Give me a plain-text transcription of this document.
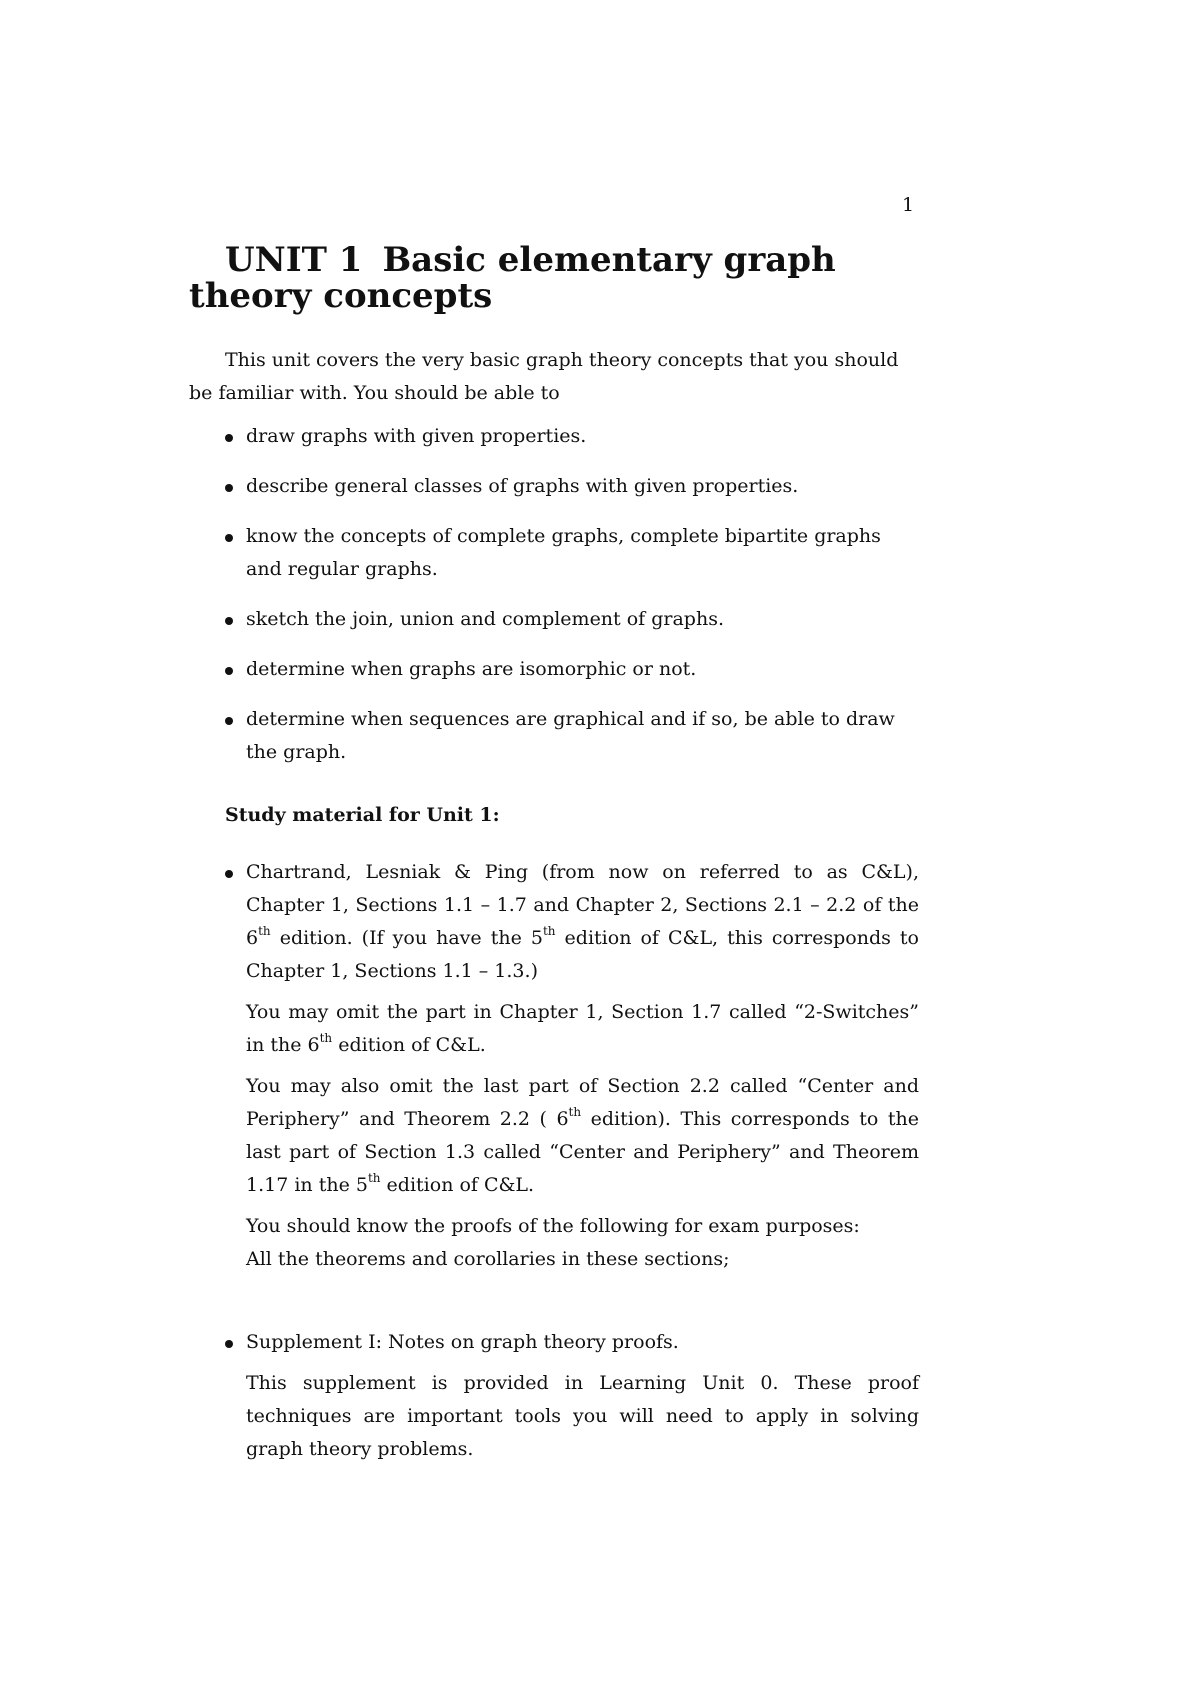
1
UNIT 1 Basic elementary graph theory concepts

This unit covers the very basic graph theory concepts that you should be familiar with. You should be able to

draw graphs with given properties.
describe general classes of graphs with given properties.
know the concepts of complete graphs, complete bipartite graphs and regular graphs.
sketch the join, union and complement of graphs.
determine when graphs are isomorphic or not.
determine when sequences are graphical and if so, be able to draw the graph.
Study material for Unit 1:

Chartrand, Lesniak & Ping (from now on referred to as C&L), Chapter 1, Sections 1.1 – 1.7 and Chapter 2, Sections 2.1 – 2.2 of the 6th edition. (If you have the 5th edition of C&L, this corresponds to Chapter 1, Sections 1.1 – 1.3.)

You may omit the part in Chapter 1, Section 1.7 called “2-Switches” in the 6th edition of C&L.

You may also omit the last part of Section 2.2 called “Center and Periphery” and Theorem 2.2 ( 6th edition). This corresponds to the last part of Section 1.3 called “Center and Periphery” and Theorem 1.17 in the 5th edition of C&L.

You should know the proofs of the following for exam purposes:
All the theorems and corollaries in these sections;

Supplement I: Notes on graph theory proofs.

This supplement is provided in Learning Unit 0. These proof techniques are important tools you will need to apply in solving graph theory problems.
